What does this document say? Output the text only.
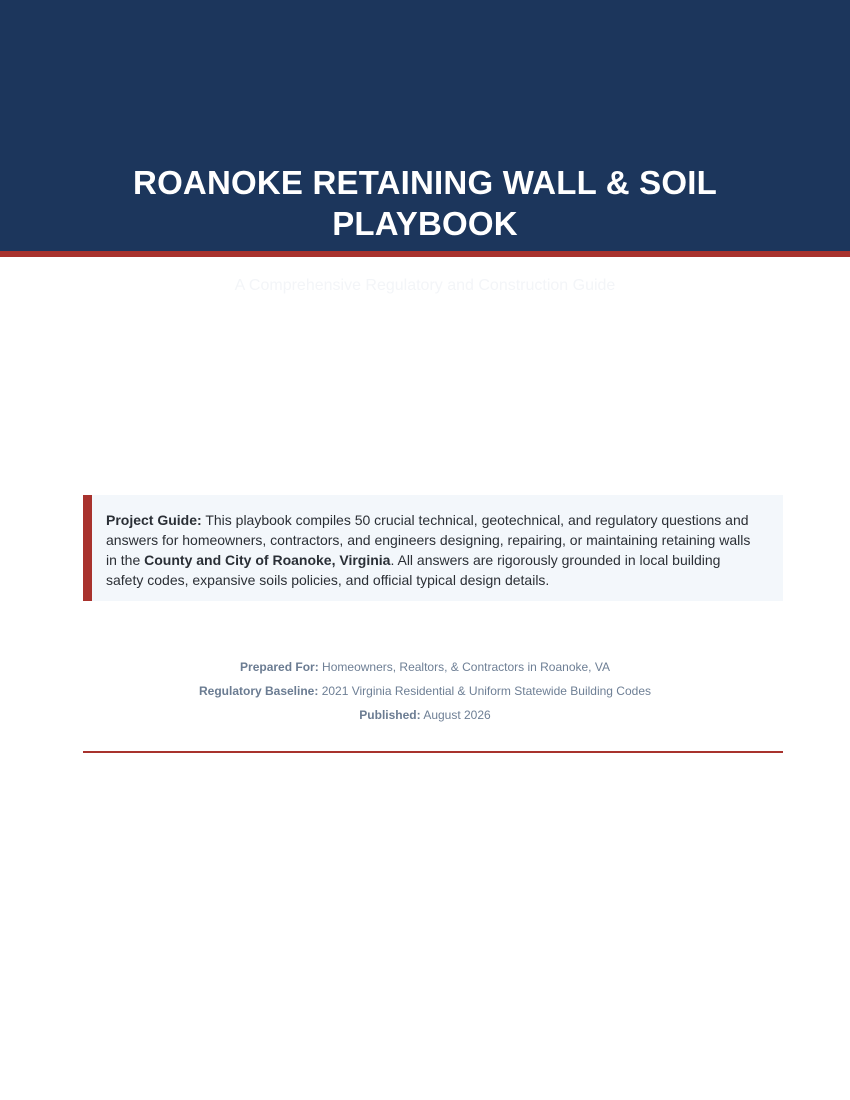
ROANOKE RETAINING WALL & SOIL PLAYBOOK

A Comprehensive Regulatory and Construction Guide

Project Guide: This playbook compiles 50 crucial technical, geotechnical, and regulatory questions and answers for homeowners, contractors, and engineers designing, repairing, or maintaining retaining walls in the County and City of Roanoke, Virginia. All answers are rigorously grounded in local building safety codes, expansive soils policies, and official typical design details.
Prepared For: Homeowners, Realtors, & Contractors in Roanoke, VA
Regulatory Baseline: 2021 Virginia Residential & Uniform Statewide Building Codes
Published: August 2026
